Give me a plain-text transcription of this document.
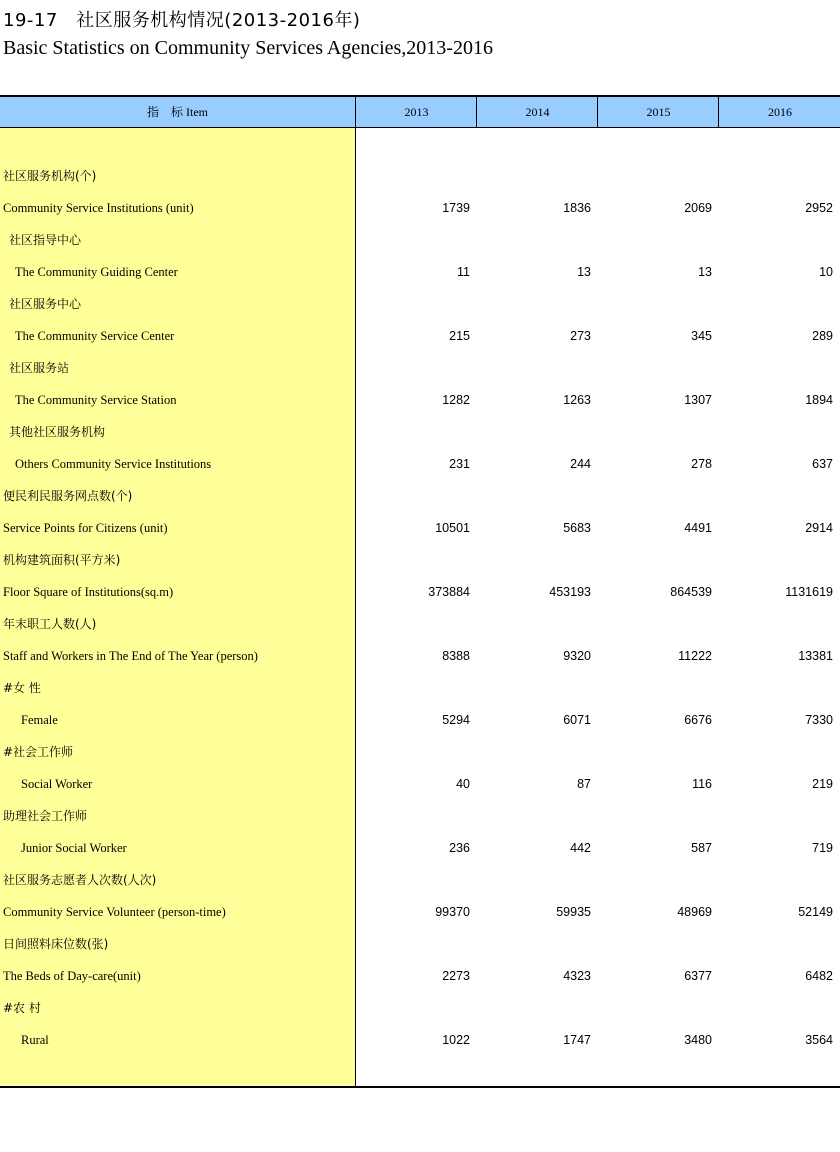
19-17　社区服务机构情况(2013-2016年)
Basic Statistics on Community Services Agencies,2013-2016
指　标 Item	2013	2014	2015	2016
社区服务机构(个)
Community Service Institutions (unit)	1739	1836	2069	2952
社区指导中心
The Community Guiding Center	11	13	13	10
社区服务中心
The Community Service Center	215	273	345	289
社区服务站
The Community Service Station	1282	1263	1307	1894
其他社区服务机构
Others Community Service Institutions	231	244	278	637
便民利民服务网点数(个)
Service Points for Citizens (unit)	10501	5683	4491	2914
机构建筑面积(平方米)
Floor Square of Institutions(sq.m)	373884	453193	864539	1131619
年末职工人数(人)
Staff and Workers in The End of The Year (person)	8388	9320	11222	13381
#女 性
Female	5294	6071	6676	7330
#社会工作师
Social Worker	40	87	116	219
助理社会工作师
Junior Social Worker	236	442	587	719
社区服务志愿者人次数(人次)
Community Service Volunteer (person-time)	99370	59935	48969	52149
日间照料床位数(张)
The Beds of Day-care(unit)	2273	4323	6377	6482
#农 村
Rural	1022	1747	3480	3564
